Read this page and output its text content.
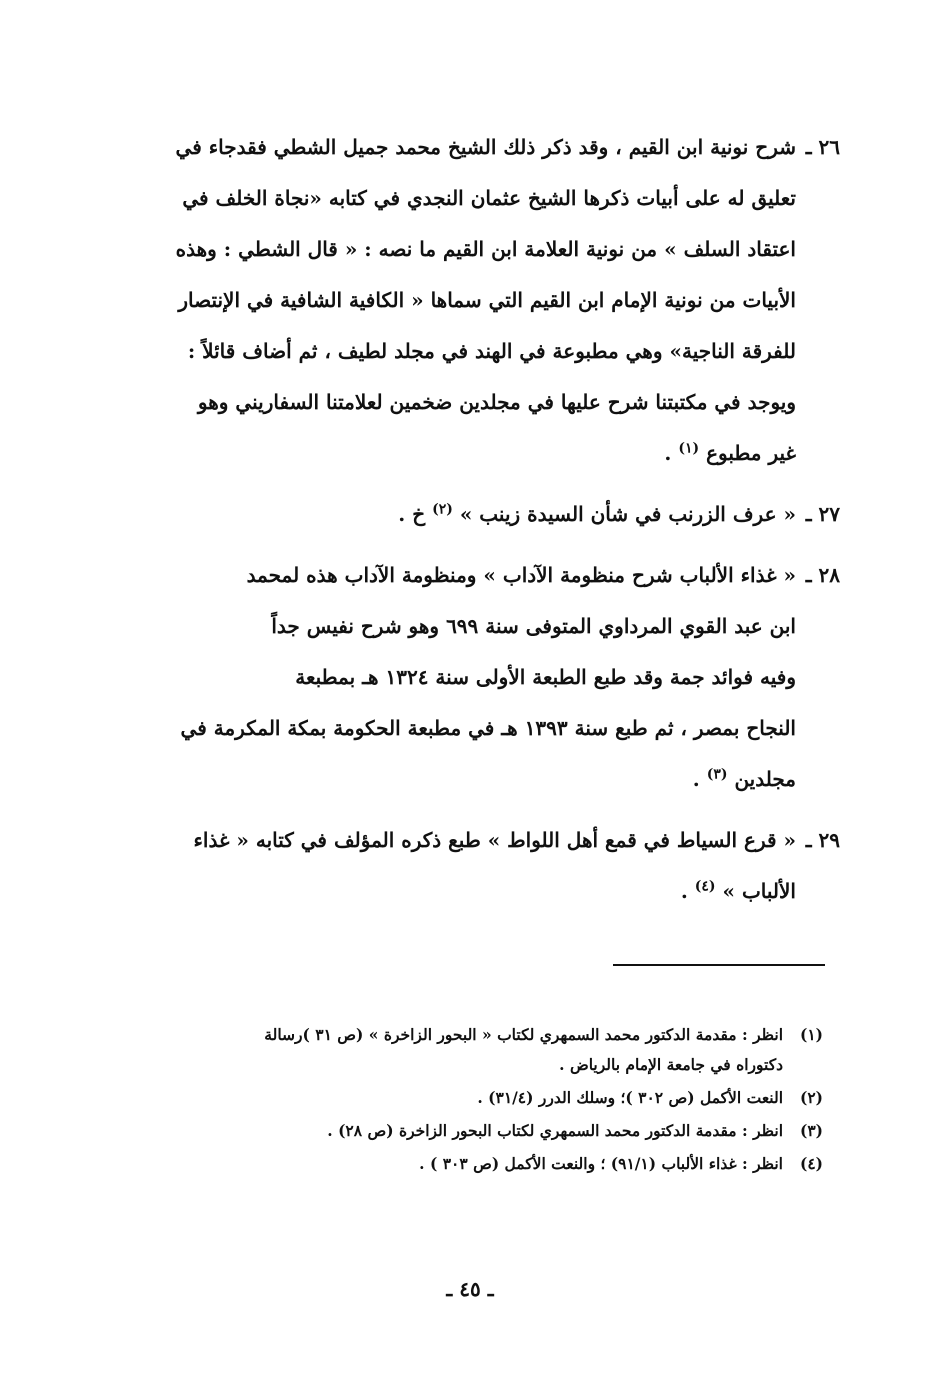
٢٦ ـ
شرح نونية ابن القيم ، وقد ذكر ذلك الشيخ محمد جميل الشطي فقدجاء في
تعليق له على أبيات ذكرها الشيخ عثمان النجدي في كتابه «نجاة الخلف في
اعتقاد السلف » من نونية العلامة ابن القيم ما نصه : « قال الشطي : وهذه
الأبيات من نونية الإمام ابن القيم التي سماها « الكافية الشافية في الإنتصار
للفرقة الناجية» وهي مطبوعة في الهند في مجلد لطيف ، ثم أضاف قائلاً :
ويوجد في مكتبتنا شرح عليها في مجلدين ضخمين لعلامتنا السفاريني وهو
غير مطبوع $^{(١)}$ .
٢٧ ـ
« عرف الزرنب في شأن السيدة زينب » $^{(٢)}$ خ .
٢٨ ـ
« غذاء الألباب شرح منظومة الآداب » ومنظومة الآداب هذه لمحمد
ابن عبد القوي المرداوي المتوفى سنة ٦٩٩ وهو شرح نفيس جداً
وفيه فوائد جمة وقد طبع الطبعة الأولى سنة ١٣٢٤ هـ بمطبعة
النجاح بمصر ، ثم طبع سنة ١٣٩٣ هـ في مطبعة الحكومة بمكة المكرمة في
مجلدين $^{(٣)}$ .
٢٩ ـ
« قرع السياط في قمع أهل اللواط » طبع ذكره المؤلف في كتابه « غذاء
الألباب » $^{(٤)}$ .
(١)
انظر : مقدمة الدكتور محمد السمهري لكتاب « البحور الزاخرة » (ص ٣١ )رسالة
دكتوراه في جامعة الإمام بالرياض .
(٢)
النعت الأكمل (ص ٣٠٢ )؛ وسلك الدرر (٣١/٤) .
(٣)
انظر : مقدمة الدكتور محمد السمهري لكتاب البحور الزاخرة (ص ٢٨) .
(٤)
انظر : غذاء الألباب (٩١/١) ؛ والنعت الأكمل (ص ٣٠٣ ) .
ـ ٤٥ ـ
